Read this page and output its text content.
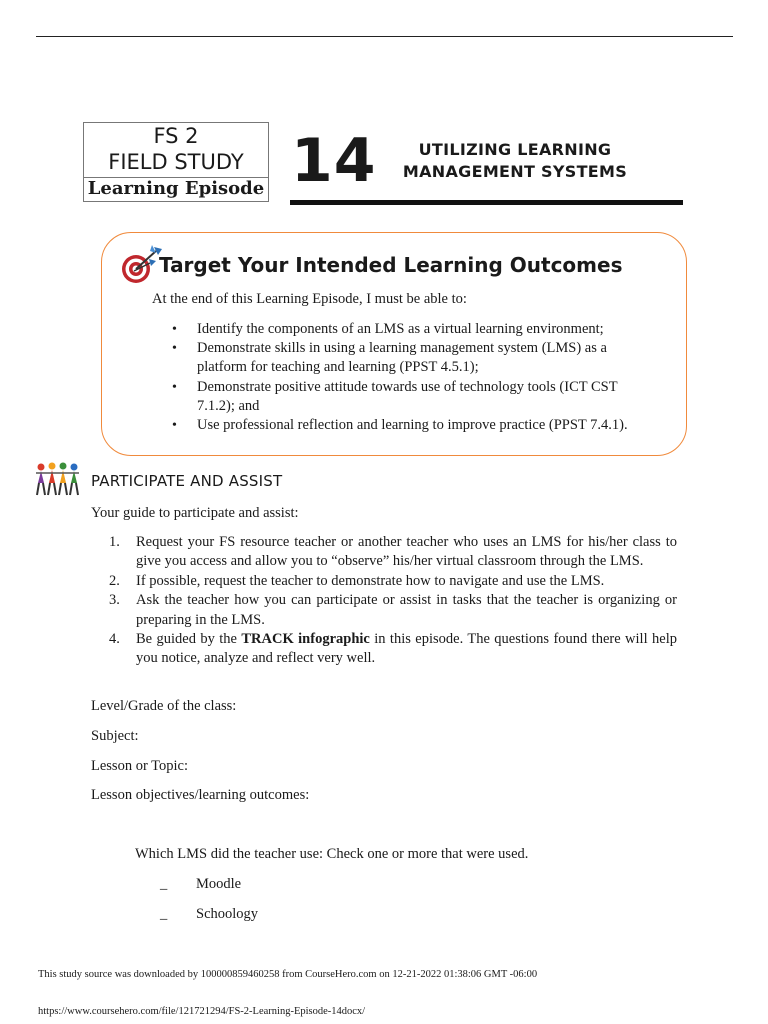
FS 2
FIELD STUDY
Learning Episode 14	UTILIZING LEARNING MANAGEMENT SYSTEMS
Target Your Intended Learning Outcomes
At the end of this Learning Episode, I must be able to:
• Identify the components of an LMS as a virtual learning environment;
• Demonstrate skills in using a learning management system (LMS) as a platform for teaching and learning (PPST 4.5.1);
• Demonstrate positive attitude towards use of technology tools (ICT CST 7.1.2); and
• Use professional reflection and learning to improve practice (PPST 7.4.1).
PARTICIPATE AND ASSIST
Your guide to participate and assist:
1. Request your FS resource teacher or another teacher who uses an LMS for his/her class to give you access and allow you to “observe” his/her virtual classroom through the LMS.
2. If possible, request the teacher to demonstrate how to navigate and use the LMS.
3. Ask the teacher how you can participate or assist in tasks that the teacher is organizing or preparing in the LMS.
4. Be guided by the TRACK infographic in this episode. The questions found there will help you notice, analyze and reflect very well.
Level/Grade of the class:
Subject:
Lesson or Topic:
Lesson objectives/learning outcomes:
Which LMS did the teacher use: Check one or more that were used.
_ Moodle
_ Schoology
This study source was downloaded by 100000859460258 from CourseHero.com on 12-21-2022 01:38:06 GMT -06:00
https://www.coursehero.com/file/121721294/FS-2-Learning-Episode-14docx/
